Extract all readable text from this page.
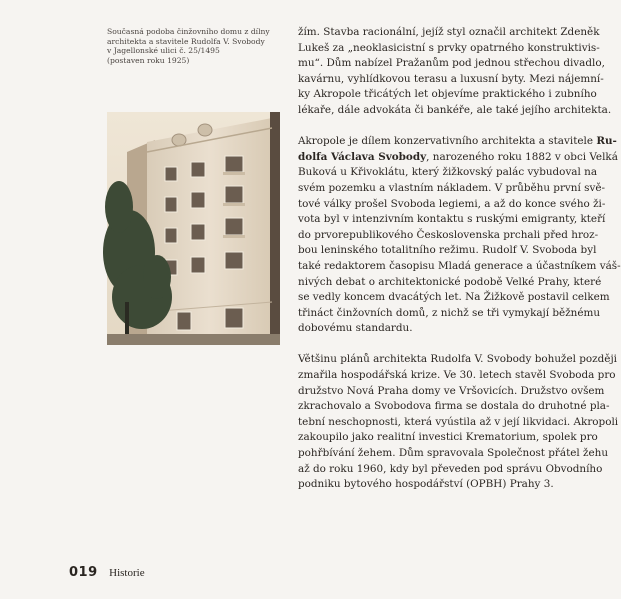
Současná podoba činžovního domu z dílny
architekta a stavitele Rudolfa V. Svobody
v Jagellonské ulici č. 25/1495
(postaven roku 1925)
žím. Stavba racionální, jejíž styl označil architekt Zdeněk
Lukeš za „neoklasicistní s prvky opatrného konstruktivis-
mu“. Dům nabízel Pražanům pod jednou střechou divadlo,
kavárnu, vyhlídkovou terasu a luxusní byty. Mezi nájemní-
ky Akropole třicátých let objevíme praktického i zubního
lékaře, dále advokáta či bankéře, ale také jejího architekta.
Akropole je dílem konzervativního architekta a stavitele Ru-
dolfa Václava Svobody, narozeného roku 1882 v obci Velká
Buková u Křivoklátu, který žižkovský palác vybudoval na
svém pozemku a vlastním nákladem. V průběhu první svě-
tové války prošel Svoboda legiemi, a až do konce svého ži-
vota byl v intenzivním kontaktu s ruskými emigranty, kteří
do prvorepublikového Československa prchali před hroz-
bou leninského totalitního režimu. Rudolf V. Svoboda byl
také redaktorem časopisu Mladá generace a účastníkem váš-
nivých debat o architektonické podobě Velké Prahy, které
se vedly koncem dvacátých let. Na Žižkově postavil celkem
třináct činžovních domů, z nichž se tři vymykají běžnému
dobovému standardu.
Většinu plánů architekta Rudolfa V. Svobody bohužel později
zmařila hospodářská krize. Ve 30. letech stavěl Svoboda pro
družstvo Nová Praha domy ve Vršovicích. Družstvo ovšem
zkrachovalo a Svobodova firma se dostala do druhotné pla-
tební neschopnosti, která vyústila až v její likvidaci. Akropoli
zakoupilo jako realitní investici Krematorium, spolek pro
pohřbívání žehem. Dům spravovala Společnost přátel žehu
až do roku 1960, kdy byl převeden pod správu Obvodního
podniku bytového hospodářství (OPBH) Prahy 3.
019 Historie
